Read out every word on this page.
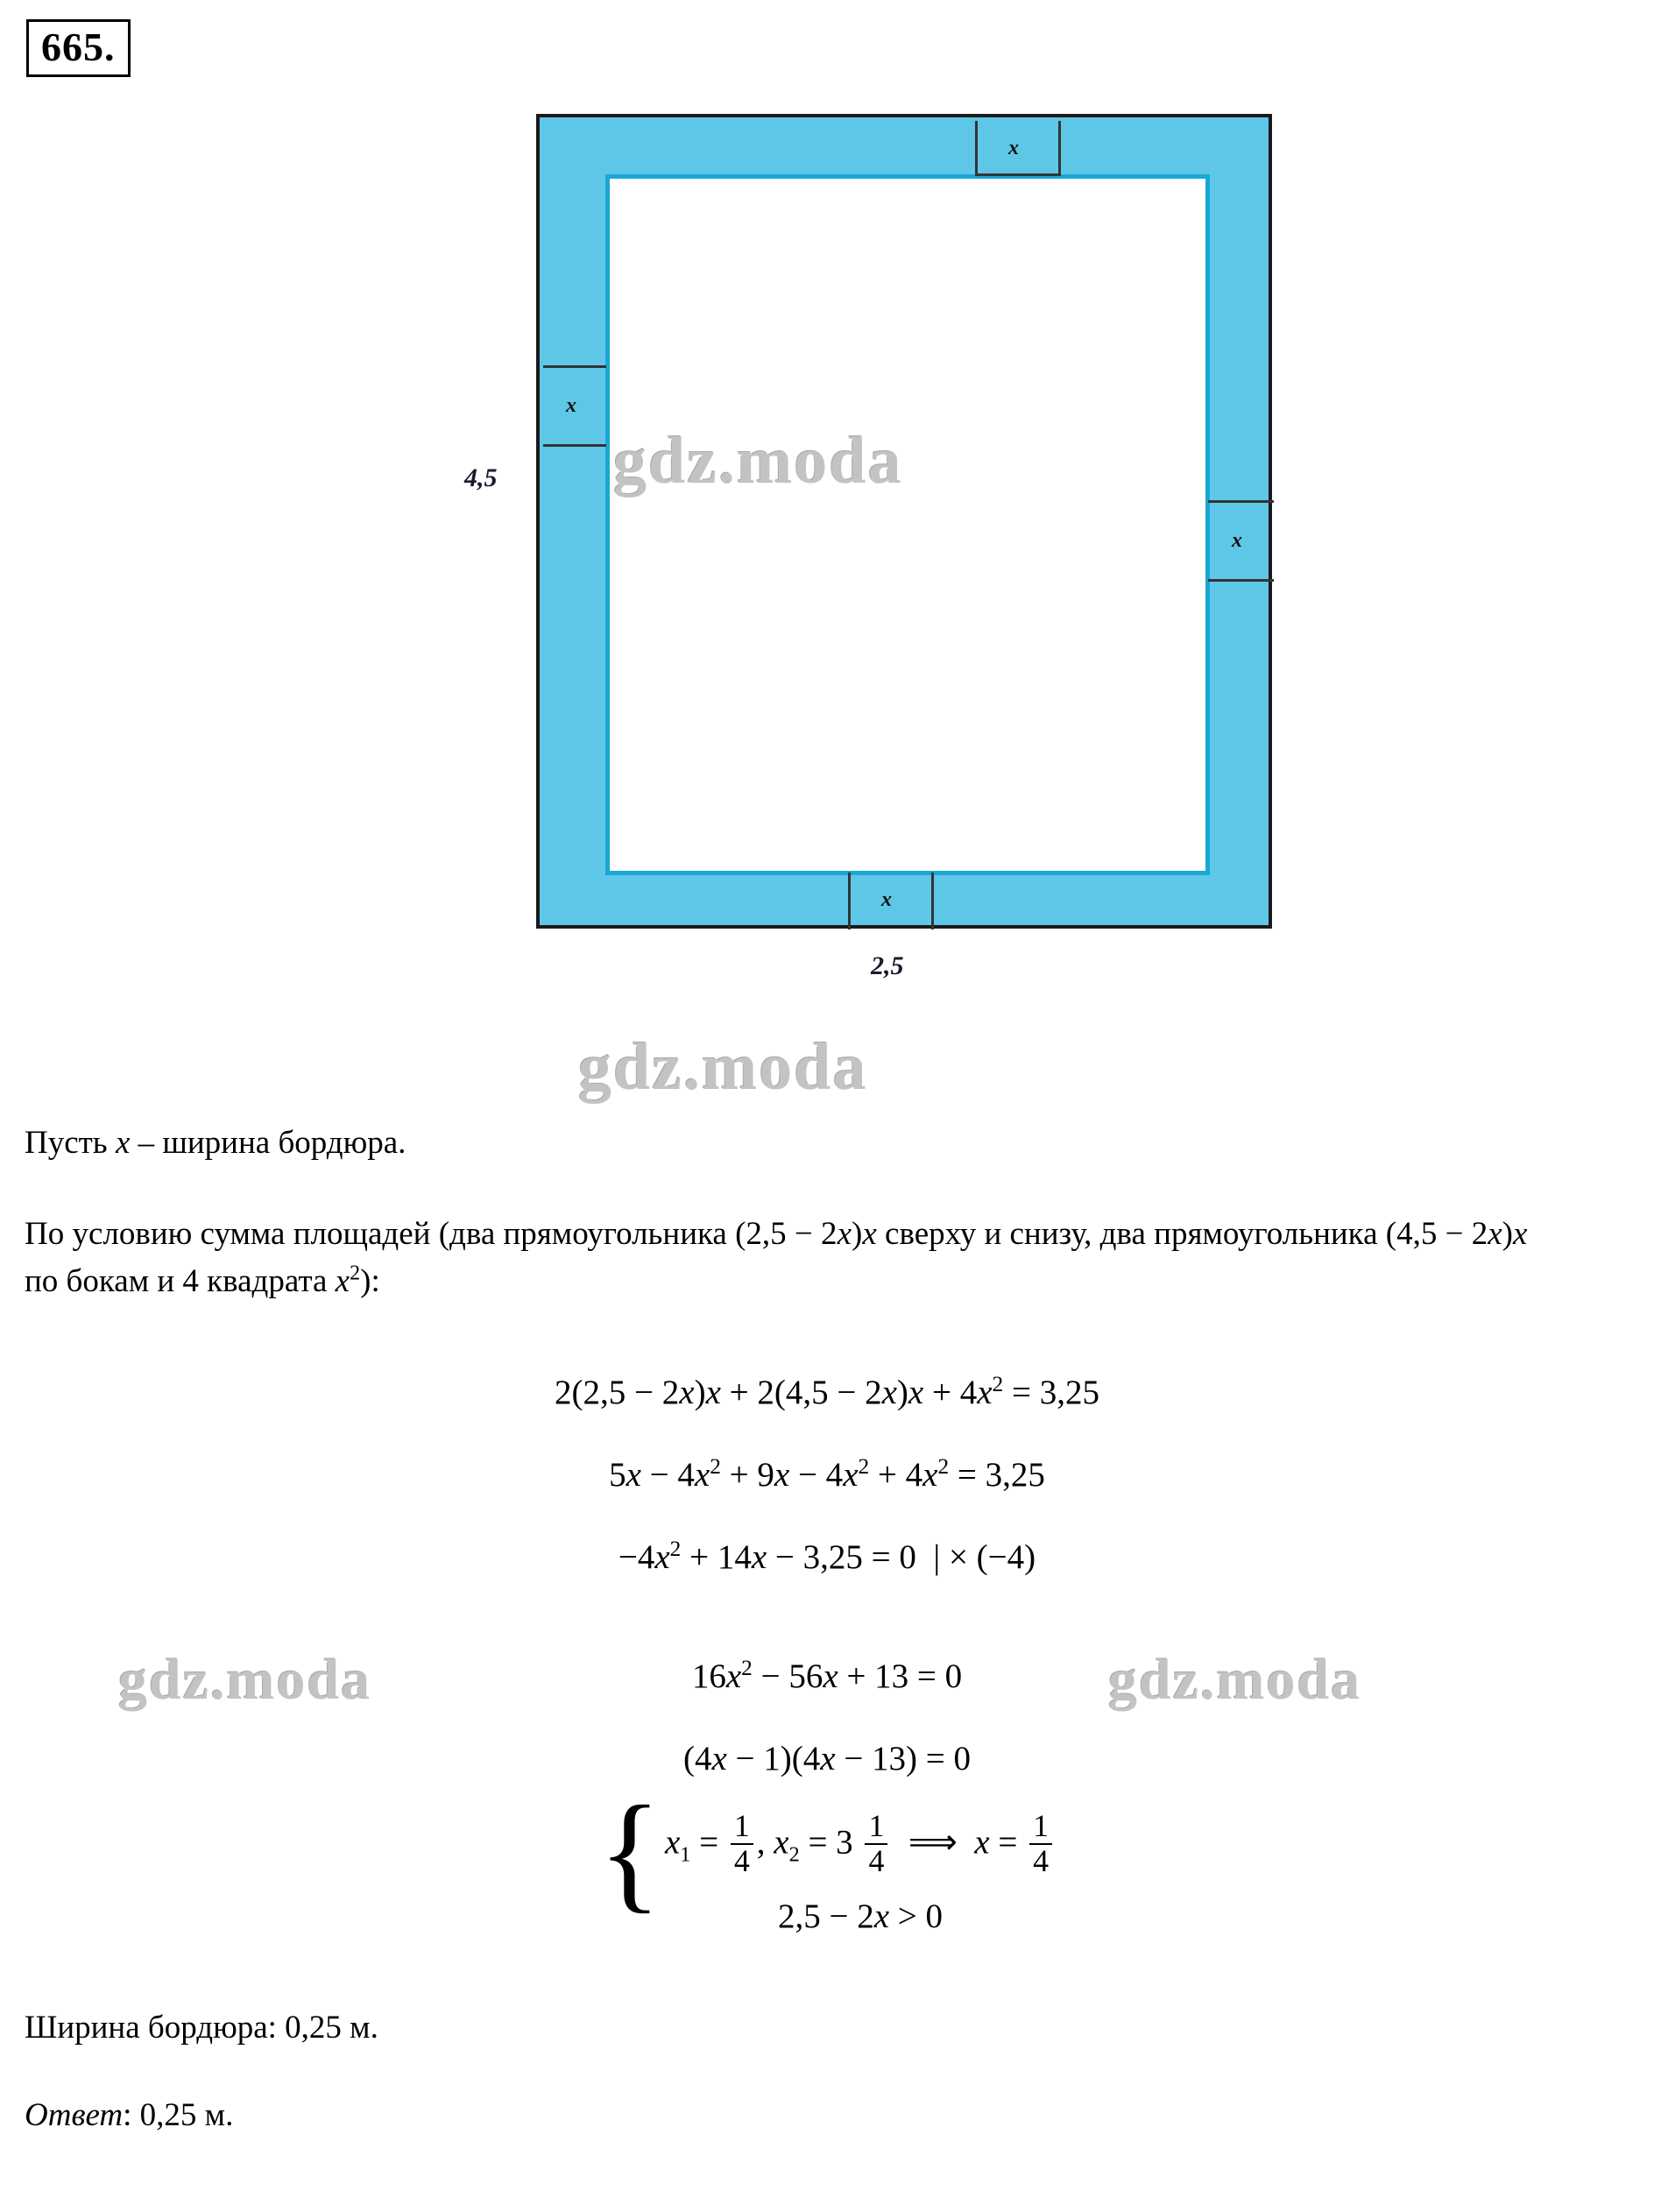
665.
x
x
x
x
4,5
2,5
gdz.moda
gdz.moda
gdz.moda	gdz.moda
Пусть x – ширина бордюра.
По условию сумма площадей (два прямоугольника (2,5 − 2x)x сверху и снизу, два прямоугольника (4,5 − 2x)x по бокам и 4 квадрата $x^2$):
$2(2,5 - 2x)x + 2(4,5 - 2x)x + 4x^2 = 3,25$
$5x - 4x^2 + 9x - 4x^2 + 4x^2 = 3,25$
$-4x^2 + 14x - 3,25 = 0$  | × (−4)
$16x^2 - 56x + 13 = 0$
(4x − 1)(4x − 13) = 0
{ $x_1 = \frac{1}{4}$ , $x_2 = 3 \frac{1}{4}$ ⟹  $x = \frac{1}{4}$
2,5 − 2x > 0
Ширина бордюра: 0,25 м.
Ответ: 0,25 м.
